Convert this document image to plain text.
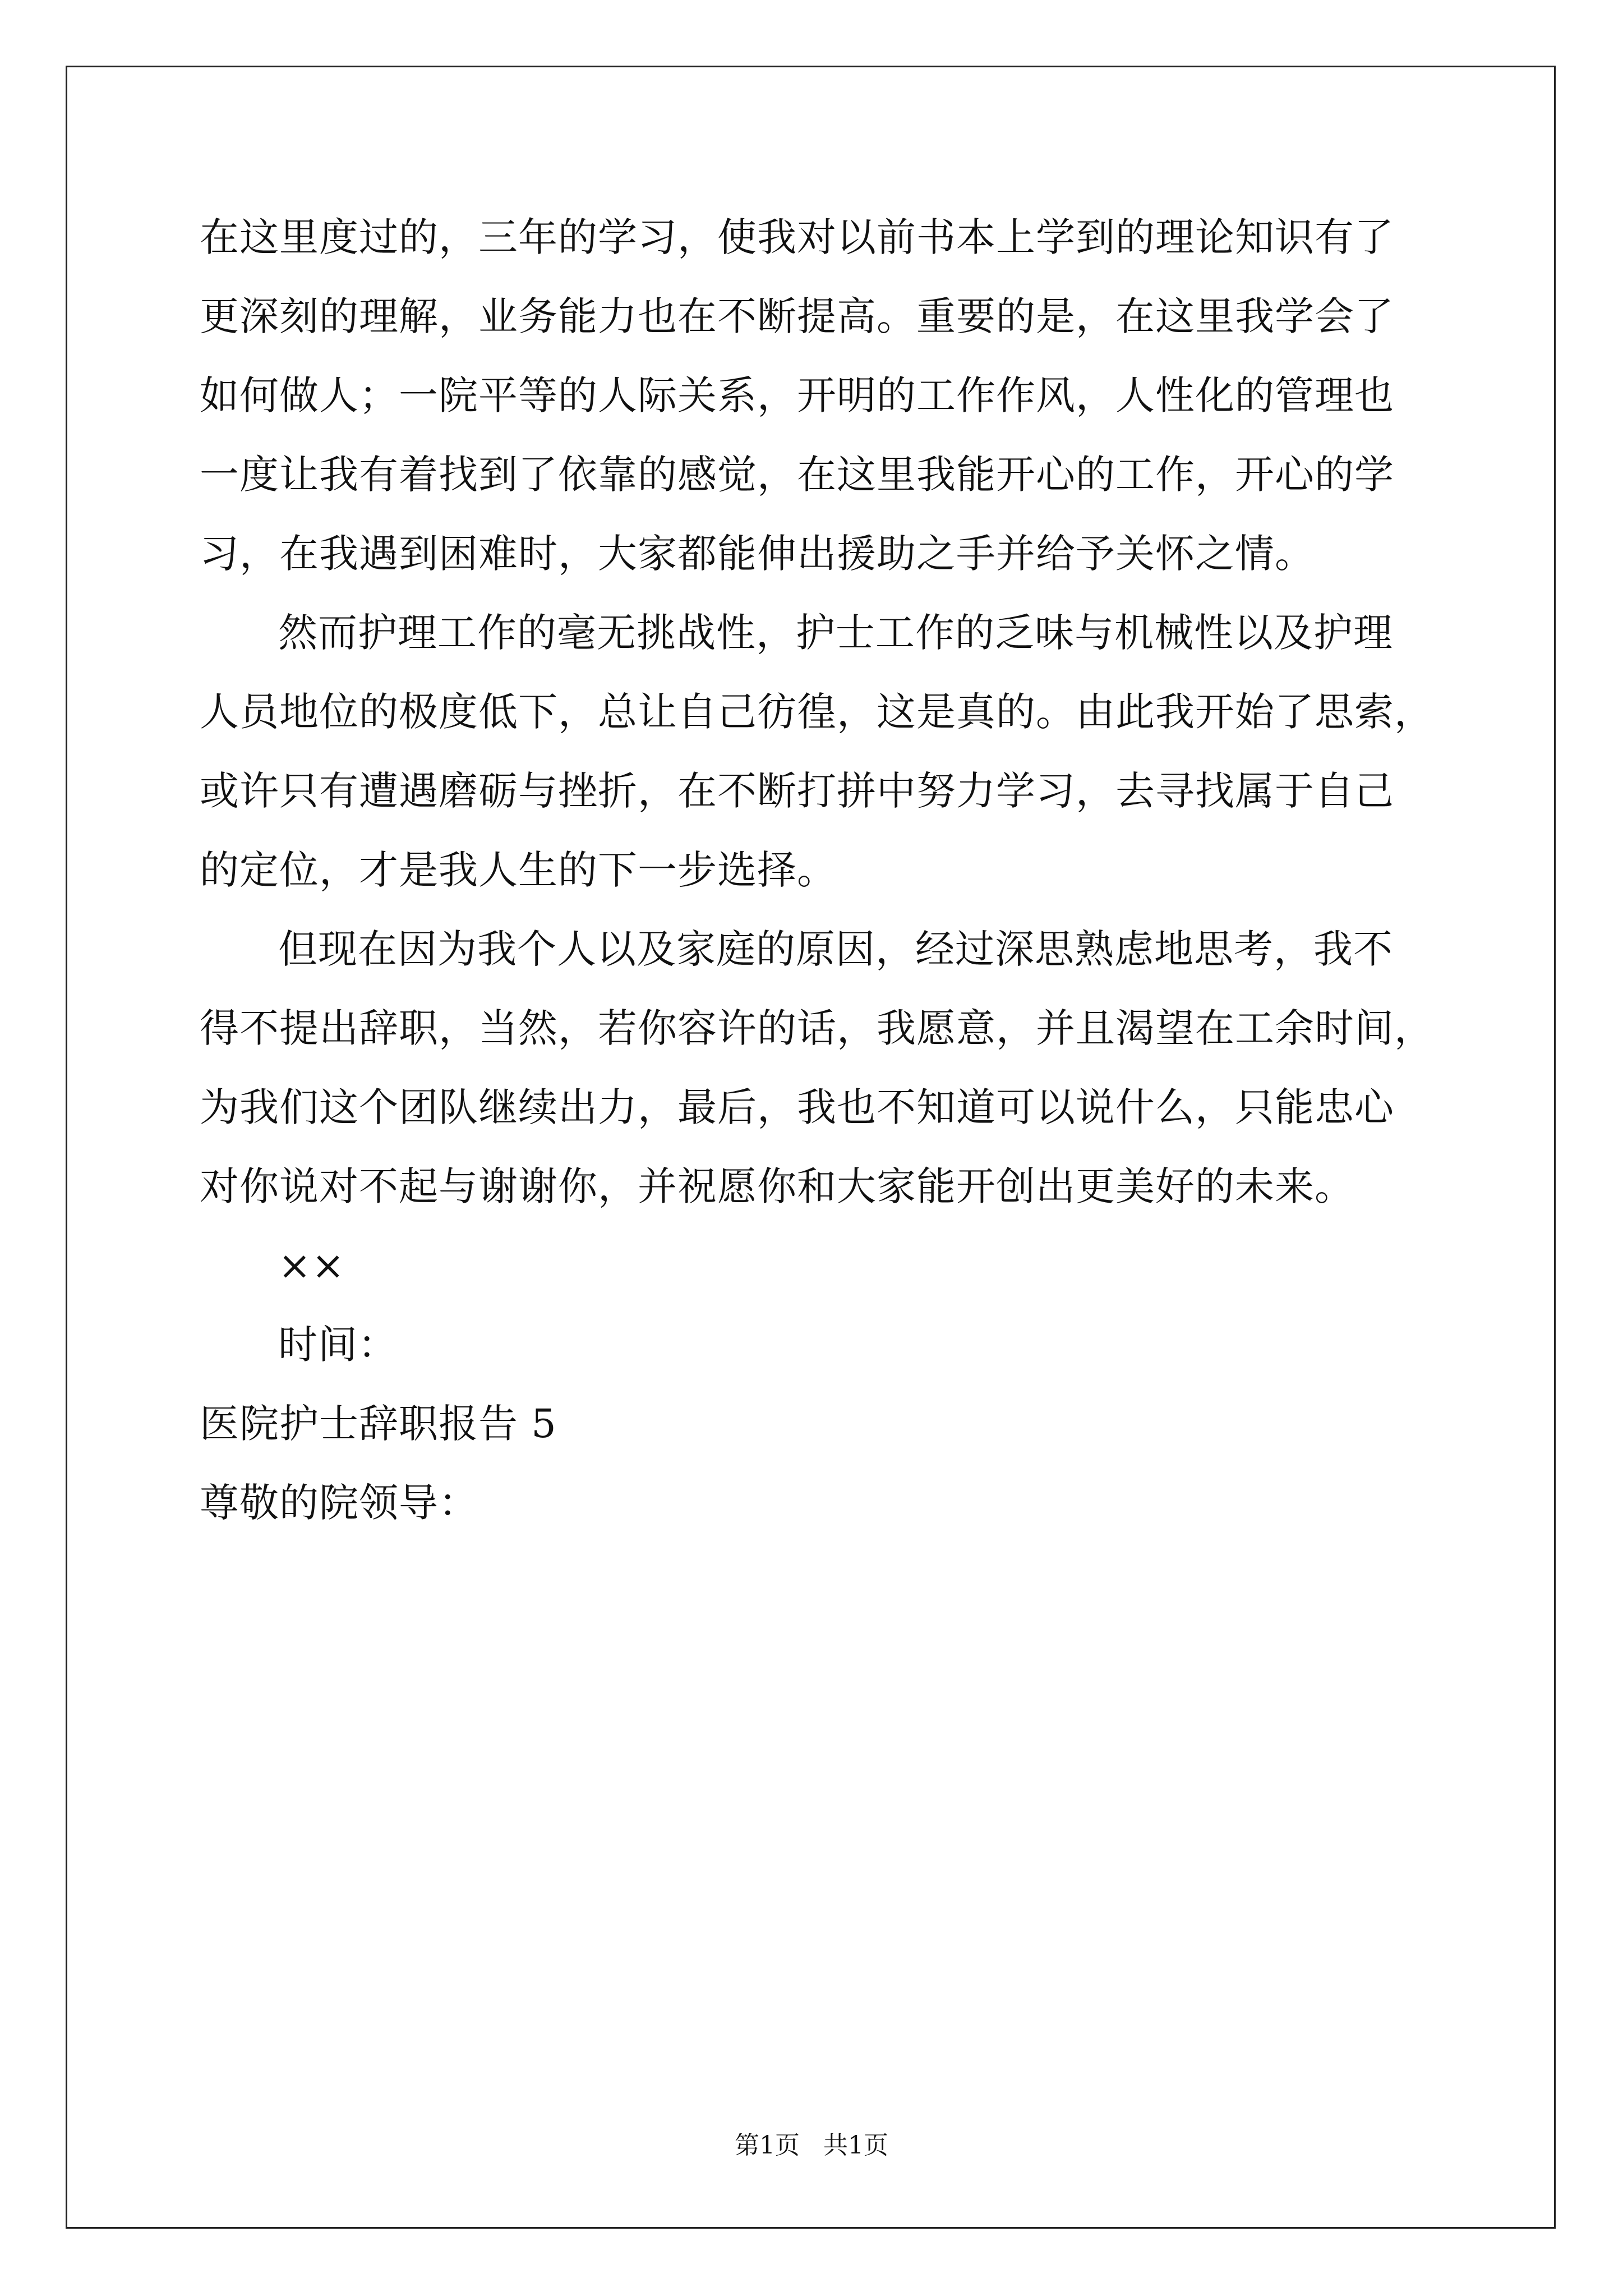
在这里度过的，三年的学习，使我对以前书本上学到的理论知识有了
更深刻的理解，业务能力也在不断提高。重要的是，在这里我学会了
如何做人；一院平等的人际关系，开明的工作作风，人性化的管理也
一度让我有着找到了依靠的感觉，在这里我能开心的工作，开心的学
习，在我遇到困难时，大家都能伸出援助之手并给予关怀之情。
然而护理工作的毫无挑战性，护士工作的乏味与机械性以及护理
人员地位的极度低下，总让自己彷徨，这是真的。由此我开始了思索，
或许只有遭遇磨砺与挫折，在不断打拼中努力学习，去寻找属于自己
的定位，才是我人生的下一步选择。
但现在因为我个人以及家庭的原因，经过深思熟虑地思考，我不
得不提出辞职，当然，若你容许的话，我愿意，并且渴望在工余时间，
为我们这个团队继续出力，最后，我也不知道可以说什么，只能忠心
对你说对不起与谢谢你，并祝愿你和大家能开创出更美好的未来。
××
时间：
医院护士辞职报告 5
尊敬的院领导：
第1页   共1页
